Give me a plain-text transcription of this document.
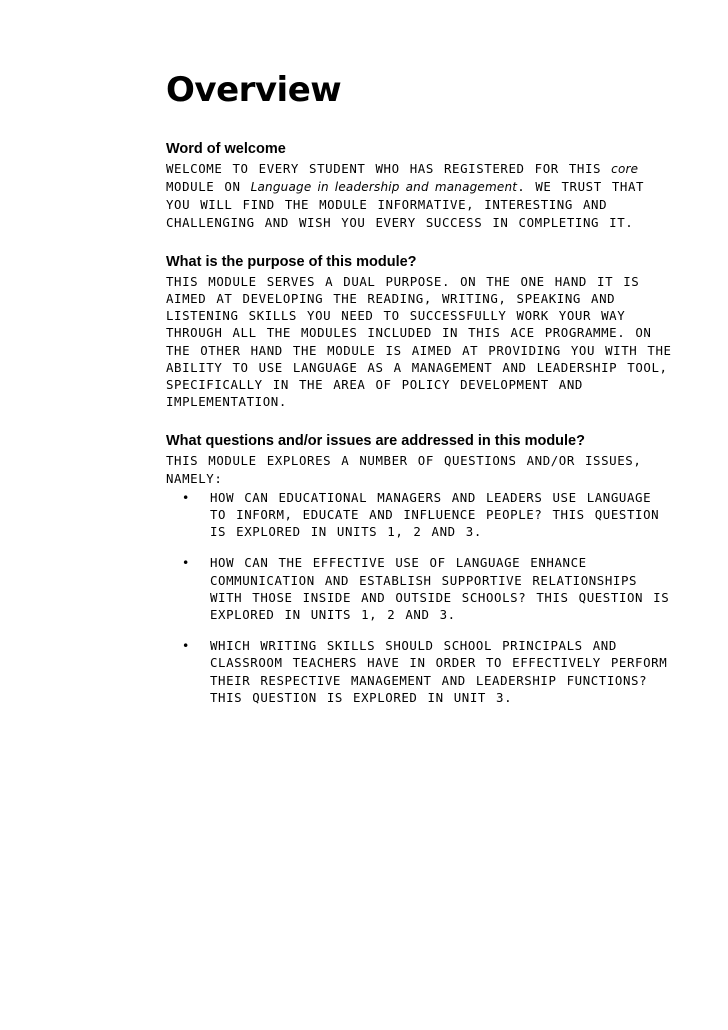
Overview
Word of welcome

WELCOME TO EVERY STUDENT WHO HAS REGISTERED FOR THIS core MODULE ON Language in leadership and management. WE TRUST THAT YOU WILL FIND THE MODULE INFORMATIVE, INTERESTING AND CHALLENGING AND WISH YOU EVERY SUCCESS IN COMPLETING IT.

What is the purpose of this module?

THIS MODULE SERVES A DUAL PURPOSE. ON THE ONE HAND IT IS AIMED AT DEVELOPING THE READING, WRITING, SPEAKING AND LISTENING SKILLS YOU NEED TO SUCCESSFULLY WORK YOUR WAY THROUGH ALL THE MODULES INCLUDED IN THIS ACE PROGRAMME. ON THE OTHER HAND THE MODULE IS AIMED AT PROVIDING YOU WITH THE ABILITY TO USE LANGUAGE AS A MANAGEMENT AND LEADERSHIP TOOL, SPECIFICALLY IN THE AREA OF POLICY DEVELOPMENT AND IMPLEMENTATION.

What questions and/or issues are addressed in this module?
THIS MODULE EXPLORES A NUMBER OF QUESTIONS AND/OR ISSUES, NAMELY:
• HOW CAN EDUCATIONAL MANAGERS AND LEADERS USE LANGUAGE TO INFORM, EDUCATE AND INFLUENCE PEOPLE? THIS QUESTION IS EXPLORED IN UNITS 1, 2 AND 3.
• HOW CAN THE EFFECTIVE USE OF LANGUAGE ENHANCE COMMUNICATION AND ESTABLISH SUPPORTIVE RELATIONSHIPS WITH THOSE INSIDE AND OUTSIDE SCHOOLS? THIS QUESTION IS EXPLORED IN UNITS 1, 2 AND 3.
• WHICH WRITING SKILLS SHOULD SCHOOL PRINCIPALS AND CLASSROOM TEACHERS HAVE IN ORDER TO EFFECTIVELY PERFORM THEIR RESPECTIVE MANAGEMENT AND LEADERSHIP FUNCTIONS? THIS QUESTION IS EXPLORED IN UNIT 3.
